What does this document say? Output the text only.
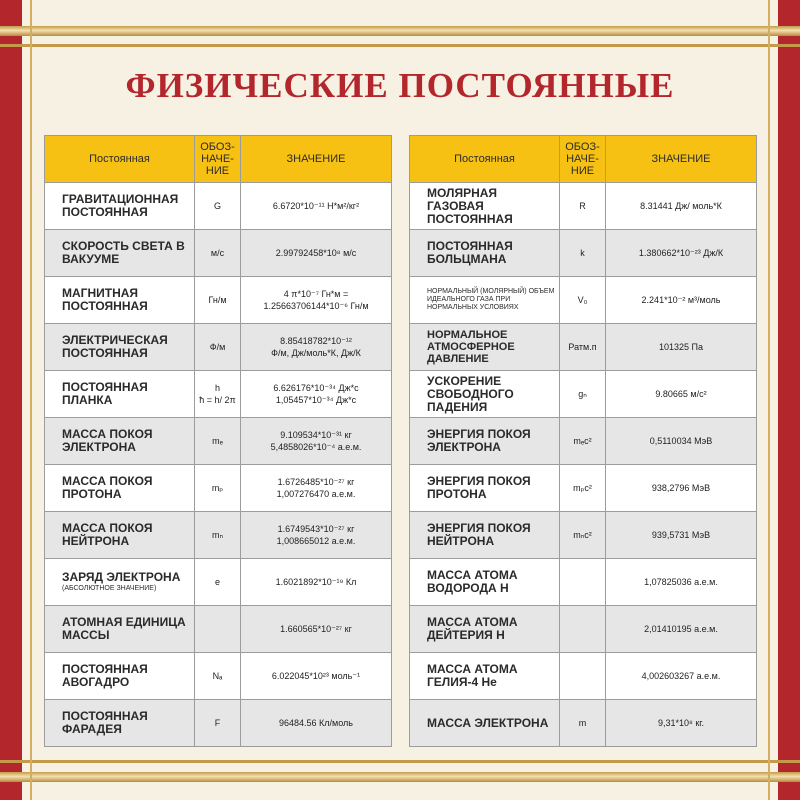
ФИЗИЧЕСКИЕ ПОСТОЯННЫЕ
Постоянная	ОБОЗ-НАЧЕ-НИЕ	ЗНАЧЕНИЕ

ГРАВИТАЦИОННАЯ ПОСТОЯННАЯ	G	6.6720*10⁻¹¹ Н*м²/кг²

СКОРОСТЬ СВЕТА В ВАКУУМЕ	м/с	2.99792458*10⁸ м/с

МАГНИТНАЯ ПОСТОЯННАЯ	Гн/м	4 π*10⁻⁷ Гн*м =
1.25663706144*10⁻⁶ Гн/м

ЭЛЕКТРИЧЕСКАЯ ПОСТОЯННАЯ	Ф/м	8.85418782*10⁻¹²
Ф/м, Дж/моль*К, Дж/К

ПОСТОЯННАЯ ПЛАНКА	h
ħ = h/ 2π	6.626176*10⁻³⁴ Дж*с
1,05457*10⁻³⁴ Дж*с

МАССА ПОКОЯ ЭЛЕКТРОНА	mₑ	9.109534*10⁻³¹ кг
5,4858026*10⁻⁴ а.е.м.

МАССА ПОКОЯ ПРОТОНА	mₚ	1.6726485*10⁻²⁷ кг
1,007276470 а.е.м.

МАССА ПОКОЯ НЕЙТРОНА	mₙ	1.6749543*10⁻²⁷ кг
1,008665012 а.е.м.

ЗАРЯД ЭЛЕКТРОНА
(АБСОЛЮТНОЕ ЗНАЧЕНИЕ)	e	1.6021892*10⁻¹⁹ Кл

АТОМНАЯ ЕДИНИЦА МАССЫ		1.660565*10⁻²⁷ кг

ПОСТОЯННАЯ АВОГАДРО	Nₐ	6.022045*10²³ моль⁻¹

ПОСТОЯННАЯ ФАРАДЕЯ	F	96484.56 Кл/моль
Постоянная	ОБОЗ-НАЧЕ-НИЕ	ЗНАЧЕНИЕ

МОЛЯРНАЯ ГАЗОВАЯ ПОСТОЯННАЯ	R	8.31441 Дж/ моль*К

ПОСТОЯННАЯ БОЛЬЦМАНА	k	1.380662*10⁻²³ Дж/К

НОРМАЛЬНЫЙ (МОЛЯРНЫЙ) ОБЪЕМ ИДЕАЛЬНОГО ГАЗА ПРИ НОРМАЛЬНЫХ УСЛОВИЯХ	V₀	2.241*10⁻² м³/моль

НОРМАЛЬНОЕ АТМОСФЕРНОЕ ДАВЛЕНИЕ	Ратм.п	101325 Па

УСКОРЕНИЕ СВОБОДНОГО ПАДЕНИЯ	gₙ	9.80665 м/с²

ЭНЕРГИЯ ПОКОЯ ЭЛЕКТРОНА	mₑc²	0,5110034 МэВ

ЭНЕРГИЯ ПОКОЯ ПРОТОНА	mₚc²	938,2796 МэВ

ЭНЕРГИЯ ПОКОЯ НЕЙТРОНА	mₙc²	939,5731 МэВ

МАССА АТОМА ВОДОРОДА Н		1,07825036 а.е.м.

МАССА АТОМА ДЕЙТЕРИЯ Н		2,01410195 а.е.м.

МАССА АТОМА ГЕЛИЯ-4 Не		4,002603267 а.е.м.

МАССА ЭЛЕКТРОНА	m	9,31*10⁸ кг.
